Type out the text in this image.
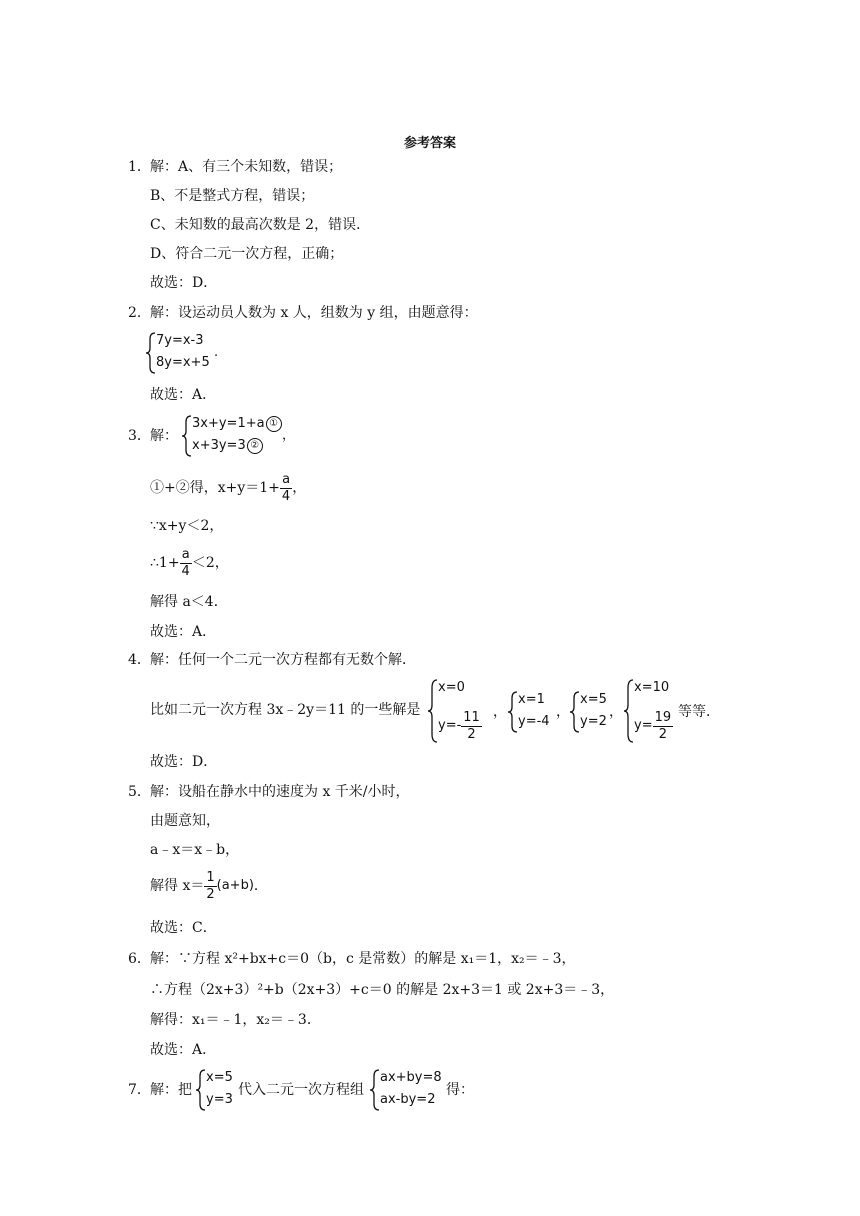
参考答案
1． 解：A、有三个未知数，错误；
B、不是整式方程，错误；
C、未知数的最高次数是 2，错误．
D、符合二元一次方程，正确；
故选：D．
2． 解：设运动员人数为 x 人，组数为 y 组，由题意得：
7y=x-3
8y=x+5
.
故选：A．
3． 解：
3x+y=1+a ①
x+3y=3 ②
，
①+②得，$x+y=1+ \frac{a}{4}$ ，
∵x+y＜2，
∴1+ $\frac{a}{4} <2$，
解得 a＜4．
故选：A．
4． 解：任何一个二元一次方程都有无数个解．
比如二元一次方程 3x﹣2y＝11 的一些解是
x=0
$y=- \frac{11}{2}$ ，
x=1
y=-4
，
x=5
y=2
，
x=10
$y= \frac{19}{2}$ 等等．
故选：D．
5． 解：设船在静水中的速度为 x 千米/小时，
由题意知，
a﹣x＝x﹣b，
解得 $x= \frac{1}{2} (a+b)$ ．
故选：C．
6． 解：∵方程 x²+bx+c＝0（b，c 是常数）的解是 x₁＝1，x₂＝﹣3，
∴方程（2x+3）²+b（2x+3）+c＝0 的解是 2x+3＝1 或 2x+3＝﹣3，
解得：x₁＝﹣1，x₂＝﹣3．
故选：A．
7． 解：把
x=5
y=3
代入二元一次方程组
ax+by=8
ax-by=2
得：
